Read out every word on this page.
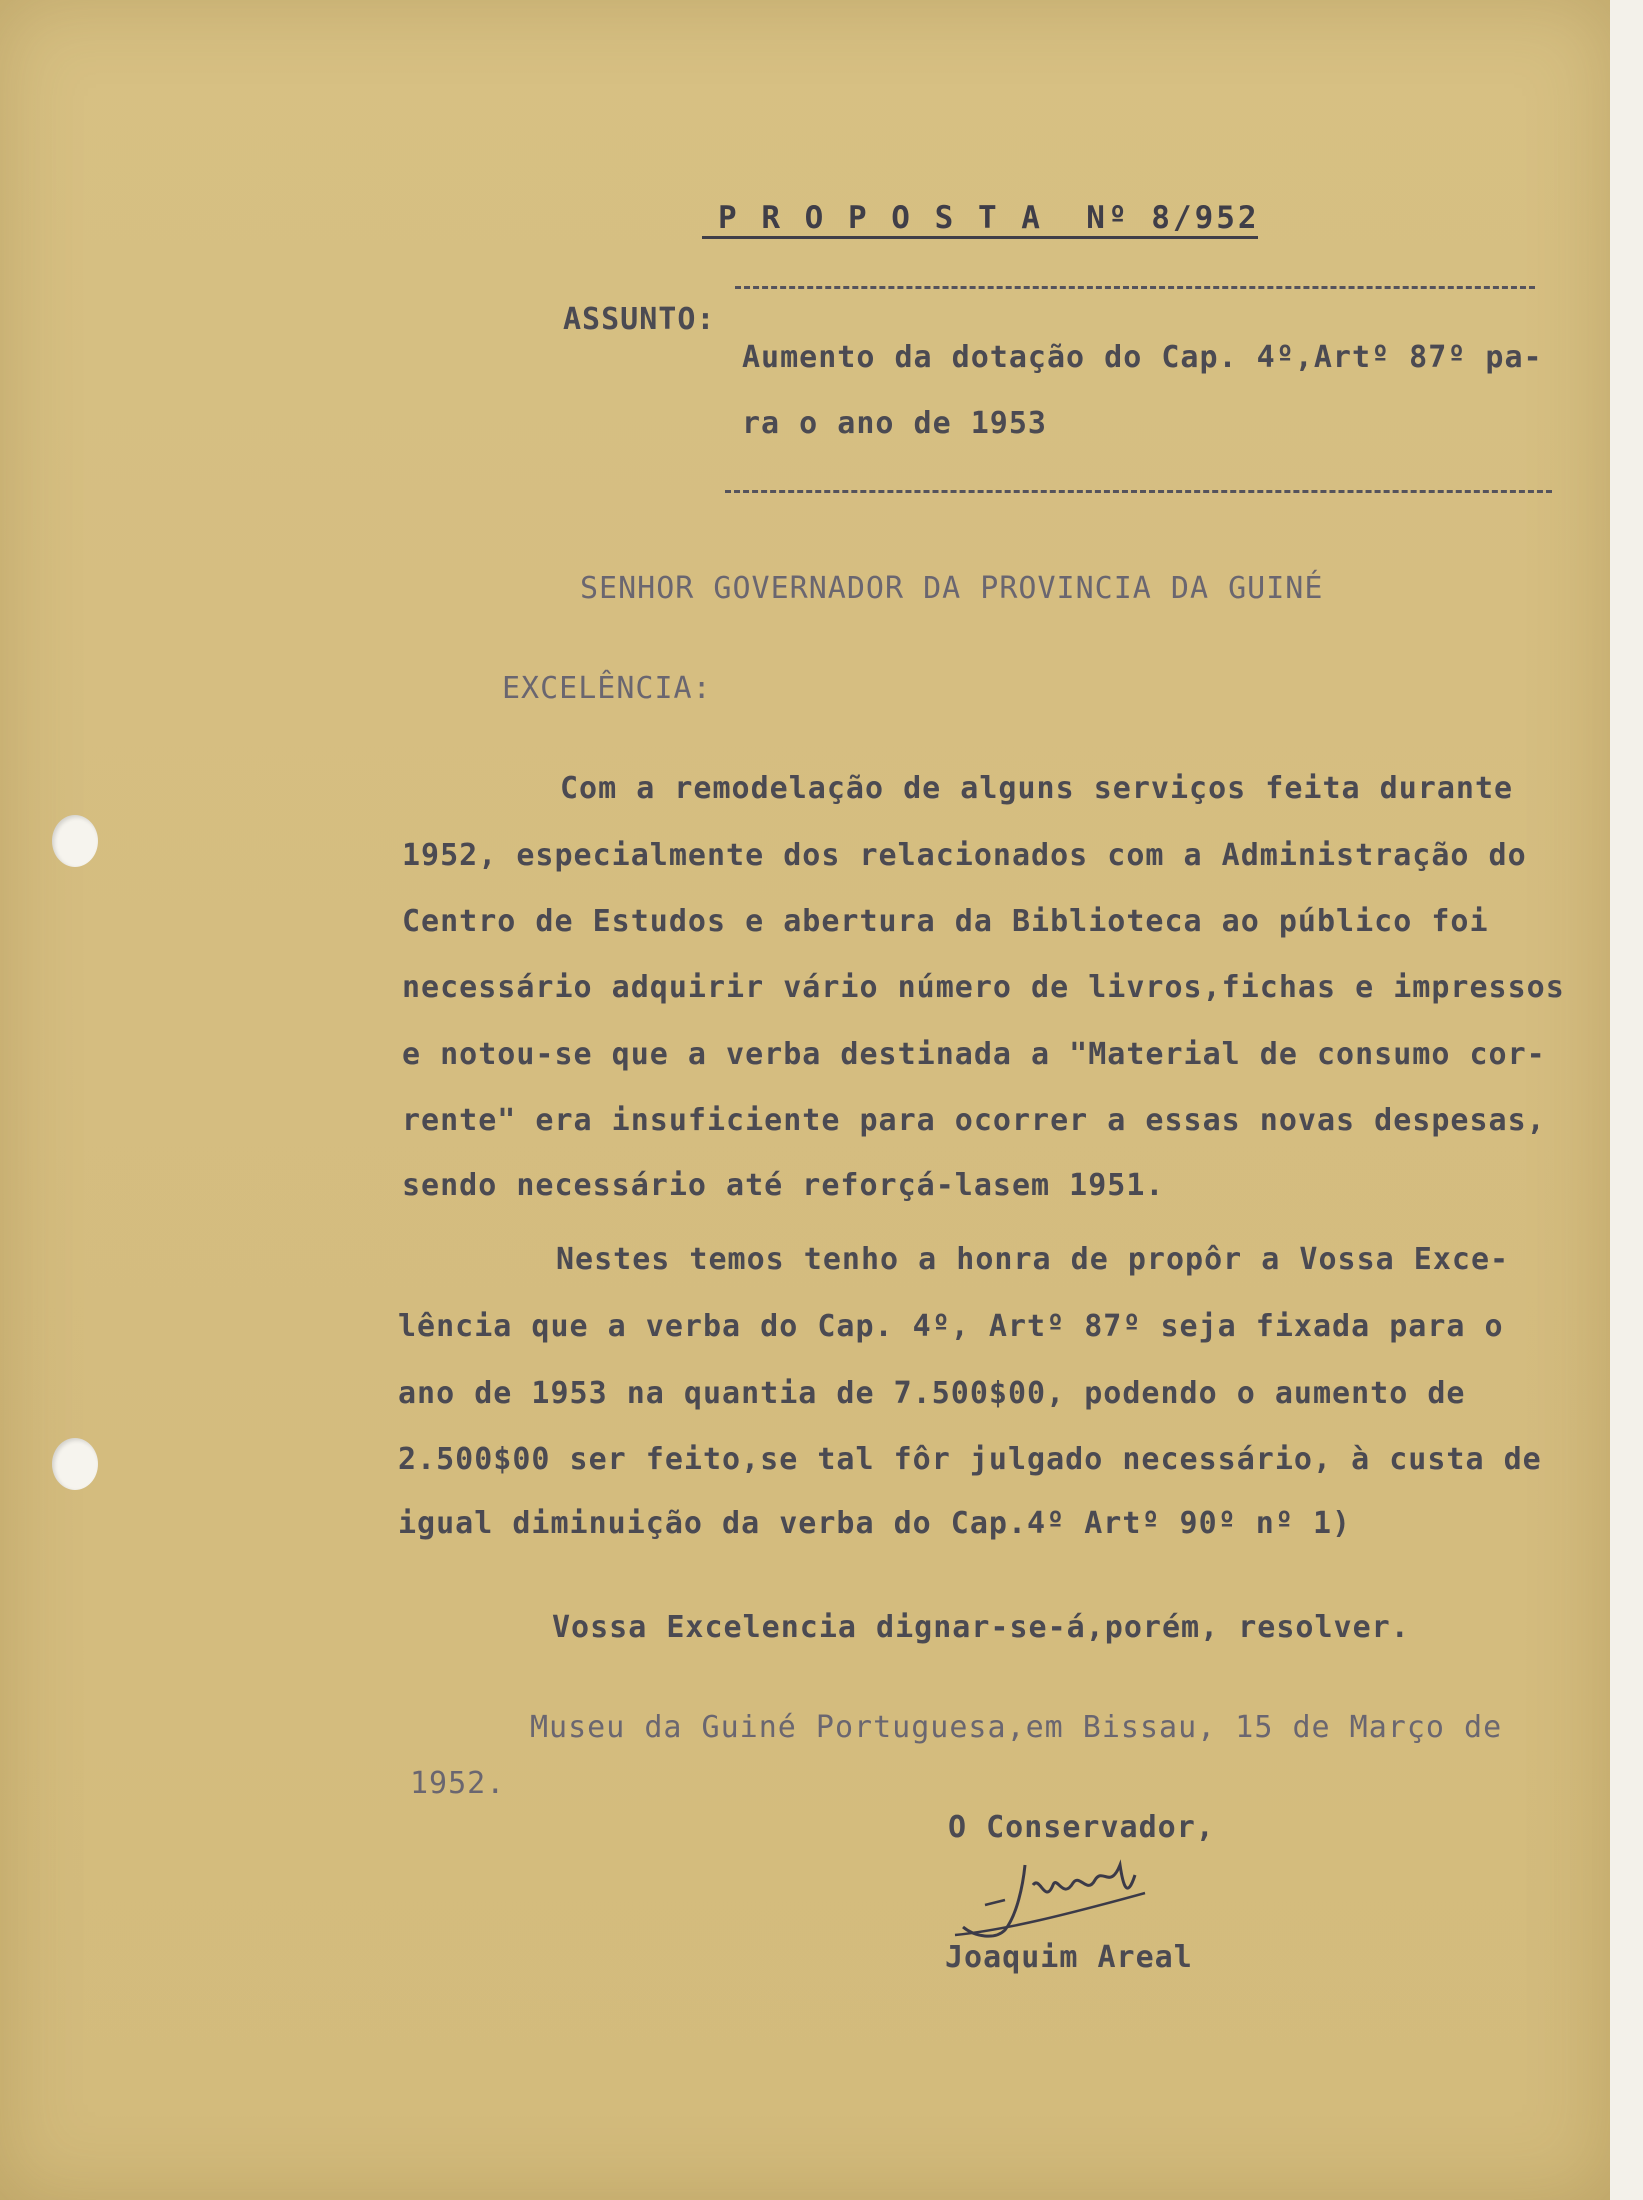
P R O P O S T A  Nº 8/952
ASSUNTO:
Aumento da dotação do Cap. 4º,Artº 87º pa-
ra o ano de 1953
SENHOR GOVERNADOR DA PROVINCIA DA GUINÉ
EXCELÊNCIA:
Com a remodelação de alguns serviços feita durante
1952, especialmente dos relacionados com a Administração do
Centro de Estudos e abertura da Biblioteca ao público foi
necessário adquirir vário número de livros,fichas e impressos
e notou-se que a verba destinada a "Material de consumo cor-
rente" era insuficiente para ocorrer a essas novas despesas,
sendo necessário até reforçá-lasem 1951.
Nestes temos tenho a honra de propôr a Vossa Exce-
lência que a verba do Cap. 4º, Artº 87º seja fixada para o
ano de 1953 na quantia de 7.500$00, podendo o aumento de
2.500$00 ser feito,se tal fôr julgado necessário, à custa de
igual diminuição da verba do Cap.4º Artº 90º nº 1)
Vossa Excelencia dignar-se-á,porém, resolver.
Museu da Guiné Portuguesa,em Bissau, 15 de Março de
1952.
O Conservador,
Joaquim Areal
